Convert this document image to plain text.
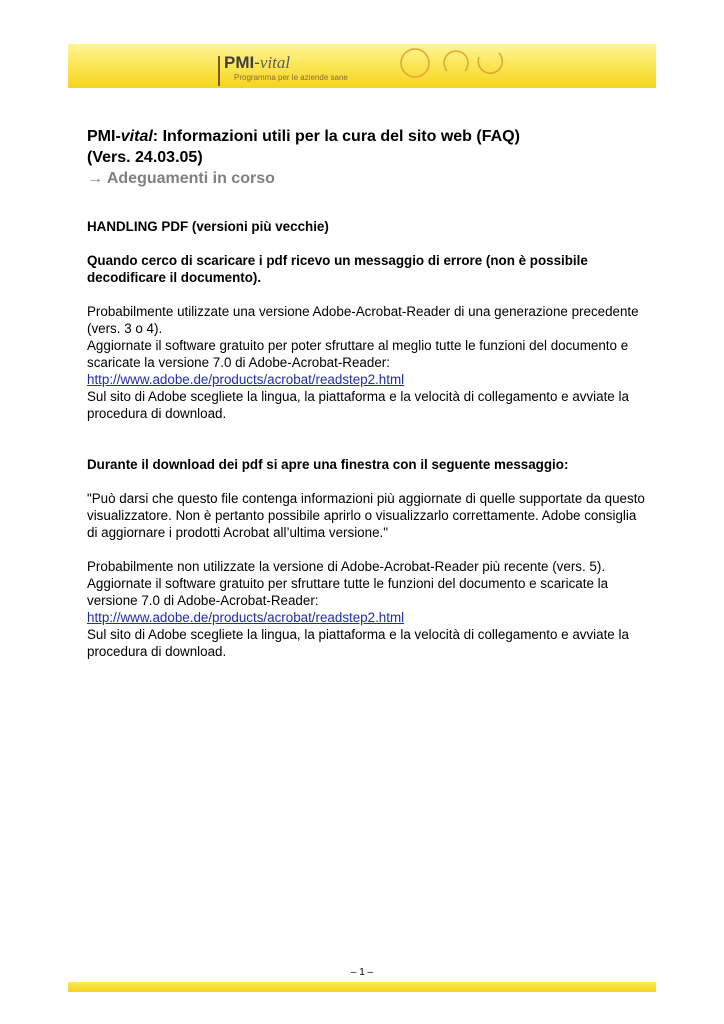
PMI-vital
Programma per le aziende sane
PMI-vital: Informazioni utili per la cura del sito web (FAQ)
(Vers. 24.03.05)
→ Adeguamenti in corso

HANDLING PDF (versioni più vecchie)

Quando cerco di scaricare i pdf ricevo un messaggio di errore (non è possibile decodificare il documento).

Probabilmente utilizzate una versione Adobe-Acrobat-Reader di una generazione precedente (vers. 3 o 4).

Aggiornate il software gratuito per poter sfruttare al meglio tutte le funzioni del documento e scaricate la versione 7.0 di Adobe-Acrobat-Reader:

http://www.adobe.de/products/acrobat/readstep2.html

Sul sito di Adobe scegliete la lingua, la piattaforma e la velocità di collegamento e avviate la procedura di download.

Durante il download dei pdf si apre una finestra con il seguente messaggio:

"Può darsi che questo file contenga informazioni più aggiornate di quelle supportate da questo visualizzatore. Non è pertanto possibile aprirlo o visualizzarlo correttamente. Adobe consiglia di aggiornare i prodotti Acrobat all’ultima versione."

Probabilmente non utilizzate la versione di Adobe-Acrobat-Reader più recente (vers. 5).

Aggiornate il software gratuito per sfruttare tutte le funzioni del documento e scaricate la versione 7.0 di Adobe-Acrobat-Reader:

http://www.adobe.de/products/acrobat/readstep2.html

Sul sito di Adobe scegliete la lingua, la piattaforma e la velocità di collegamento e avviate la procedura di download.

– 1 –
